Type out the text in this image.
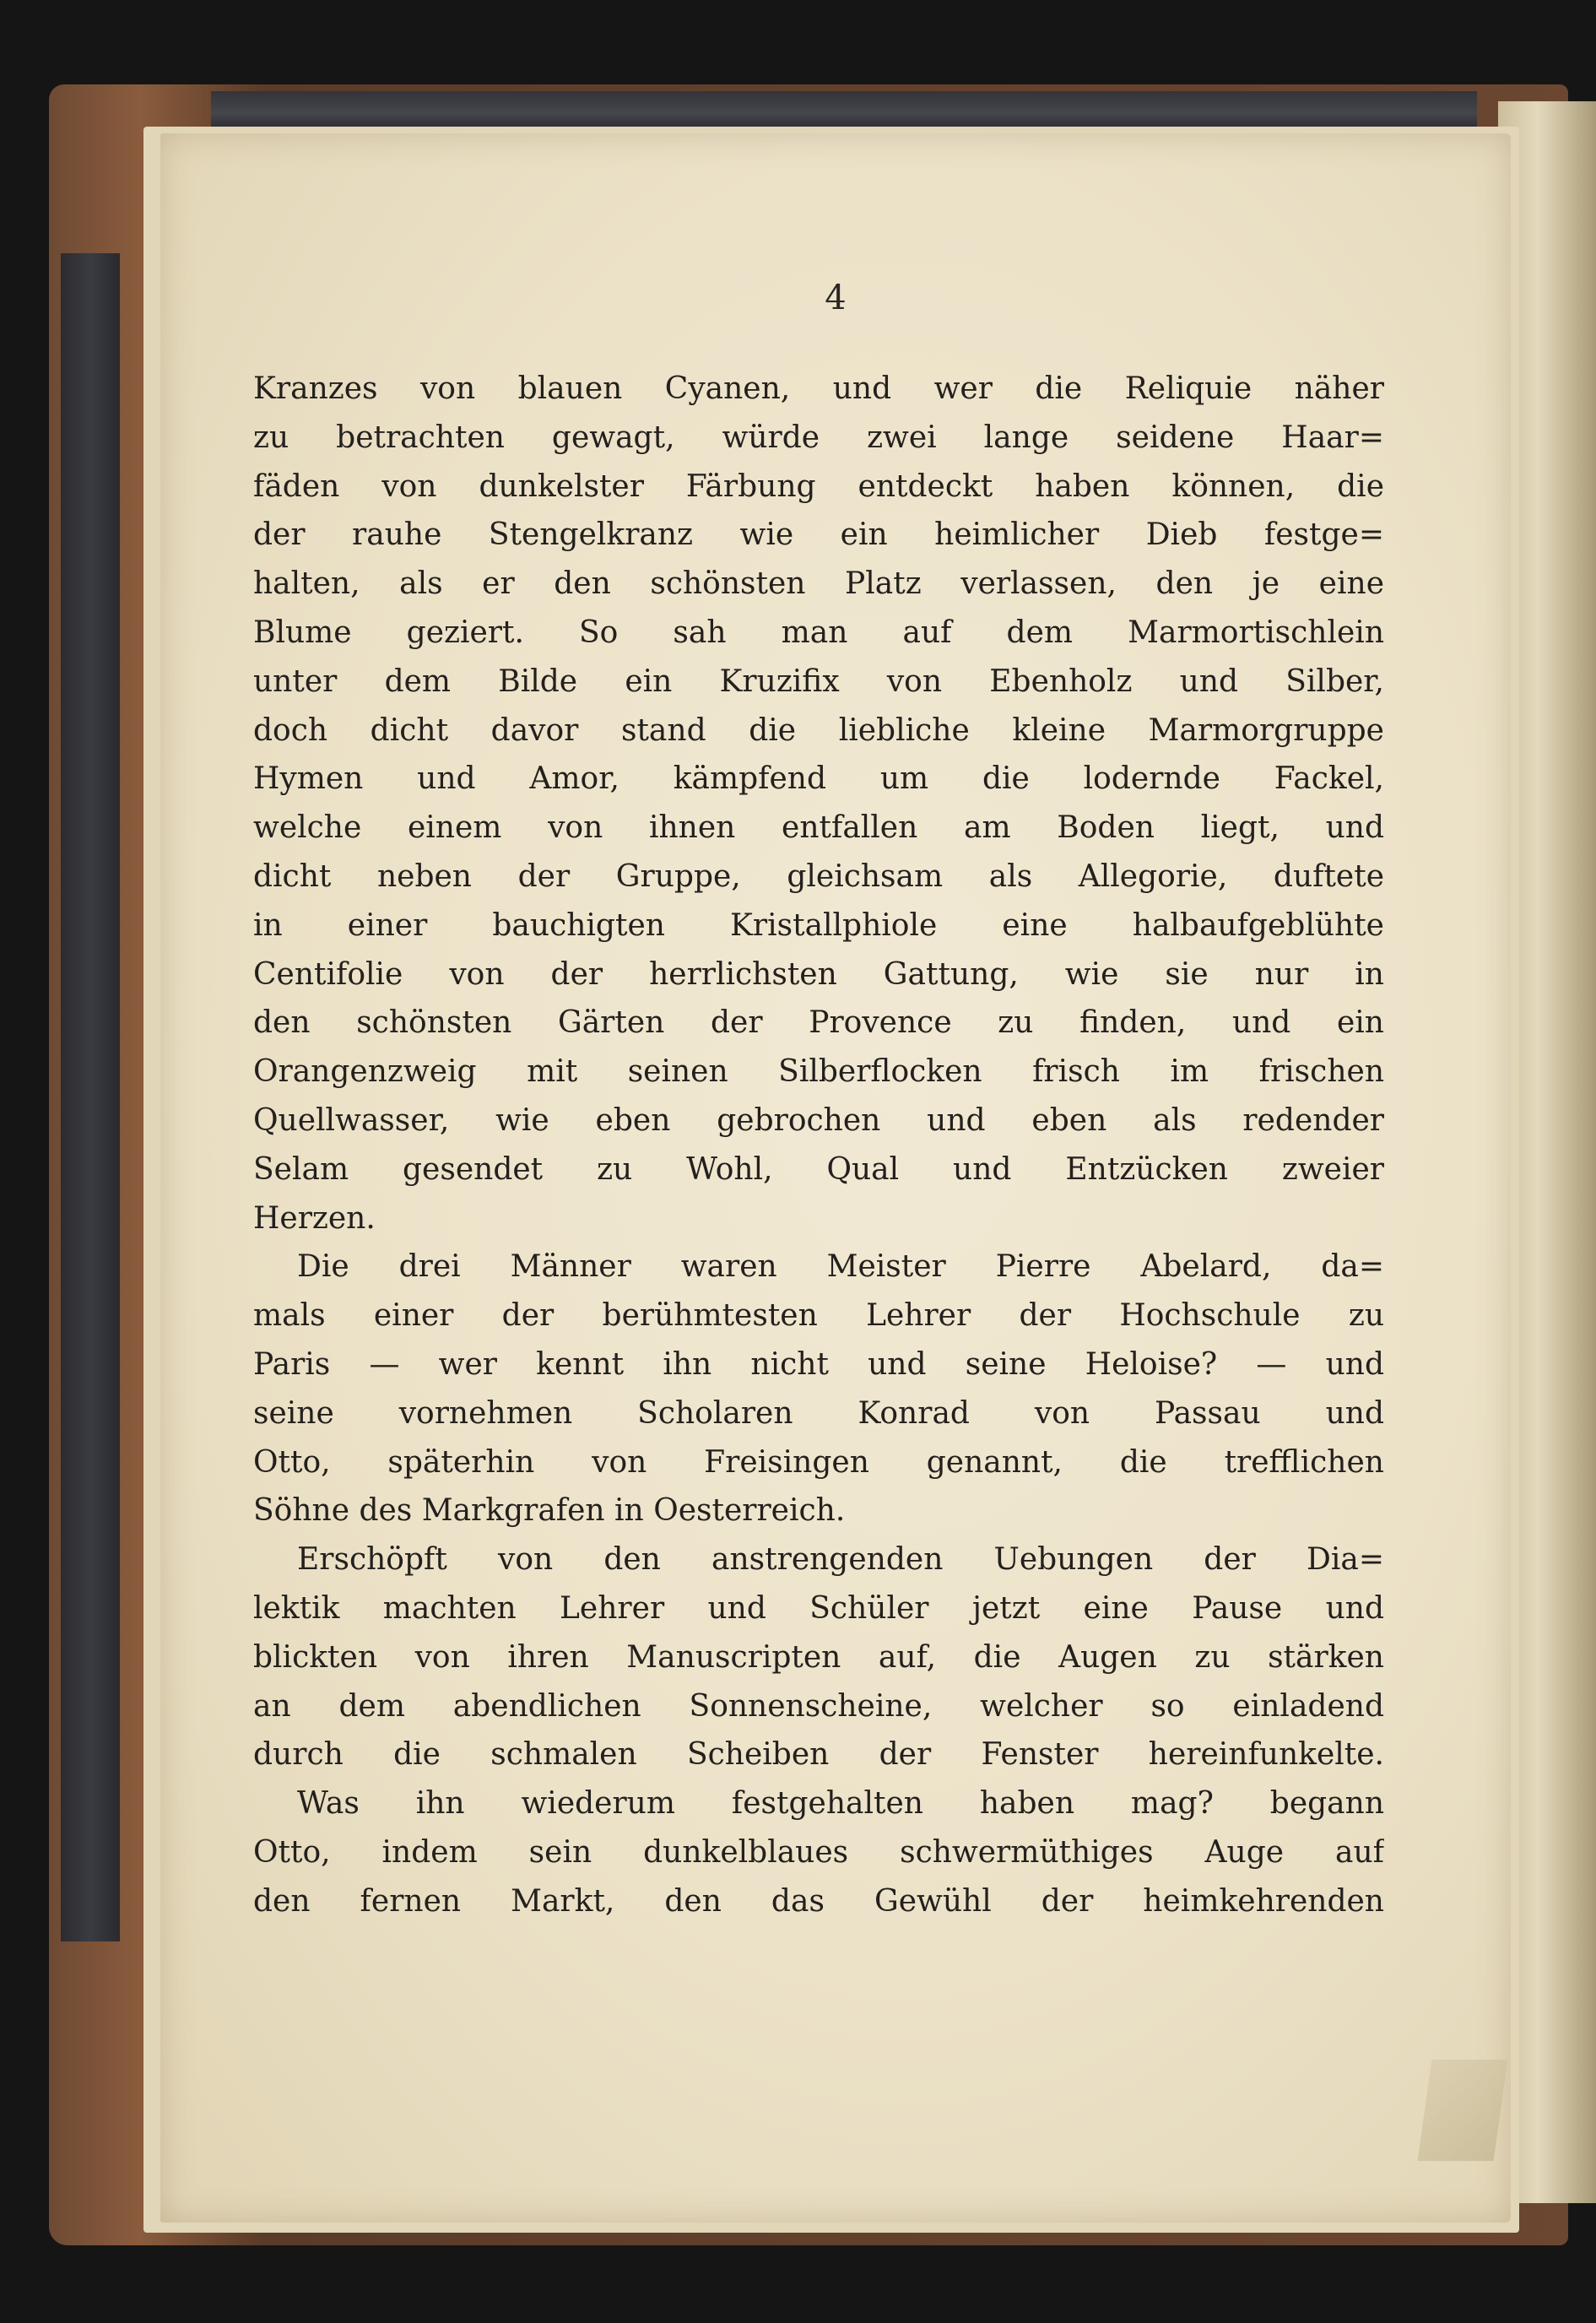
4
Kranzes von blauen Cyanen, und wer die Reliquie näher
zu betrachten gewagt, würde zwei lange seidene Haar=
fäden von dunkelster Färbung entdeckt haben können, die
der rauhe Stengelkranz wie ein heimlicher Dieb festge=
halten, als er den schönsten Platz verlassen, den je eine
Blume geziert. So sah man auf dem Marmortischlein
unter dem Bilde ein Kruzifix von Ebenholz und Silber,
doch dicht davor stand die liebliche kleine Marmorgruppe
Hymen und Amor, kämpfend um die lodernde Fackel,
welche einem von ihnen entfallen am Boden liegt, und
dicht neben der Gruppe, gleichsam als Allegorie, duftete
in einer bauchigten Kristallphiole eine halbaufgeblühte
Centifolie von der herrlichsten Gattung, wie sie nur in
den schönsten Gärten der Provence zu finden, und ein
Orangenzweig mit seinen Silberflocken frisch im frischen
Quellwasser, wie eben gebrochen und eben als redender
Selam gesendet zu Wohl, Qual und Entzücken zweier
Herzen.
Die drei Männer waren Meister Pierre Abelard, da=
mals einer der berühmtesten Lehrer der Hochschule zu
Paris — wer kennt ihn nicht und seine Heloise? — und
seine vornehmen Scholaren Konrad von Passau und
Otto, späterhin von Freisingen genannt, die trefflichen
Söhne des Markgrafen in Oesterreich.
Erschöpft von den anstrengenden Uebungen der Dia=
lektik machten Lehrer und Schüler jetzt eine Pause und
blickten von ihren Manuscripten auf, die Augen zu stärken
an dem abendlichen Sonnenscheine, welcher so einladend
durch die schmalen Scheiben der Fenster hereinfunkelte.
Was ihn wiederum festgehalten haben mag? begann
Otto, indem sein dunkelblaues schwermüthiges Auge auf
den fernen Markt, den das Gewühl der heimkehrenden
